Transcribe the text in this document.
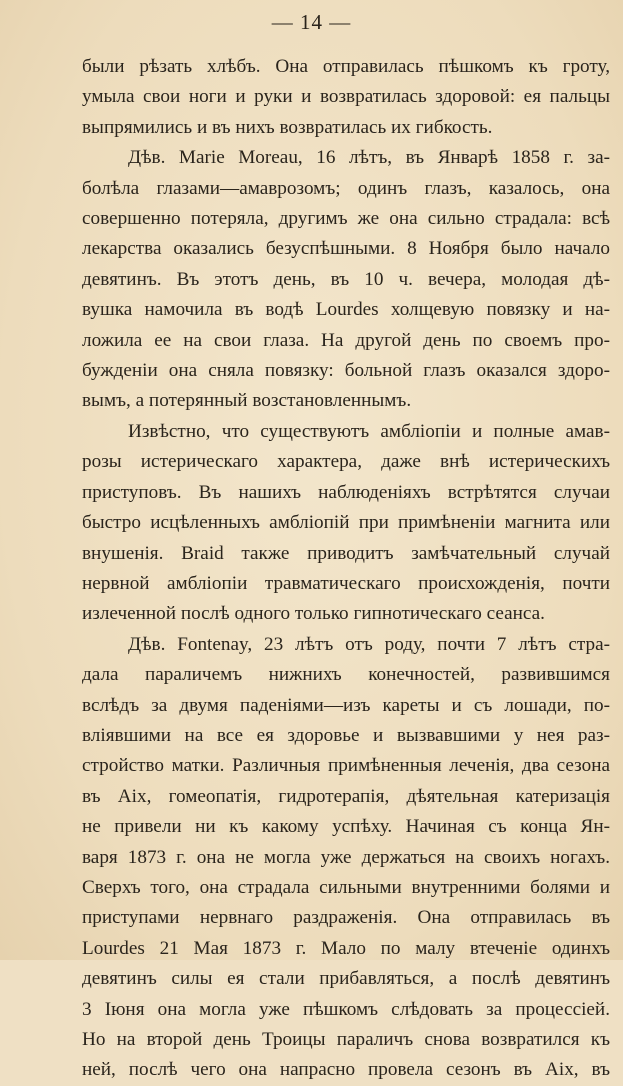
— 14 —
были рѣзать хлѣбъ. Она отправилась пѣшкомъ къ гроту,
умыла свои ноги и руки и возвратилась здоровой: ея пальцы
выпрямились и въ нихъ возвратилась их гибкость.
Дѣв. Marie Moreau, 16 лѣтъ, въ Январѣ 1858 г. за-
болѣла глазами—амаврозомъ; одинъ глазъ, казалось, она
совершенно потеряла, другимъ же она сильно страдала: всѣ
лекарства оказались безуспѣшными. 8 Ноября было начало
девятинъ. Въ этотъ день, въ 10 ч. вечера, молодая дѣ-
вушка намочила въ водѣ Lourdes холщевую повязку и на-
ложила ее на свои глаза. На другой день по своемъ про-
бужденіи она сняла повязку: больной глазъ оказался здоро-
вымъ, а потерянный возстановленнымъ.
Извѣстно, что существуютъ амбліопіи и полные амав-
розы истерическаго характера, даже внѣ истерическихъ
приступовъ. Въ нашихъ наблюденіяхъ встрѣтятся случаи
быстро исцѣленныхъ амбліопій при примѣненіи магнита или
внушенія. Braid также приводитъ замѣчательный случай
нервной амбліопіи травматическаго происхожденія, почти
излеченной послѣ одного только гипнотическаго сеанса.
Дѣв. Fontenay, 23 лѣтъ отъ роду, почти 7 лѣтъ стра-
дала параличемъ нижнихъ конечностей, развившимся
вслѣдъ за двумя паденіями—изъ кареты и съ лошади, по-
вліявшими на все ея здоровье и вызвавшими у нея раз-
стройство матки. Различныя примѣненныя леченія, два сезона
въ Aix, гомеопатія, гидротерапія, дѣятельная катеризація
не привели ни къ какому успѣху. Начиная съ конца Ян-
варя 1873 г. она не могла уже держаться на своихъ ногахъ.
Сверхъ того, она страдала сильными внутренними болями и
приступами нервнаго раздраженія. Она отправилась въ
Lourdes 21 Мая 1873 г. Мало по малу втеченіе одинхъ
девятинъ силы ея стали прибавляться, а послѣ девятинъ
3 Іюня она могла уже пѣшкомъ слѣдовать за процессіей.
Но на второй день Троицы параличъ снова возвратился къ
ней, послѣ чего она напрасно провела сезонъ въ Aix, въ
